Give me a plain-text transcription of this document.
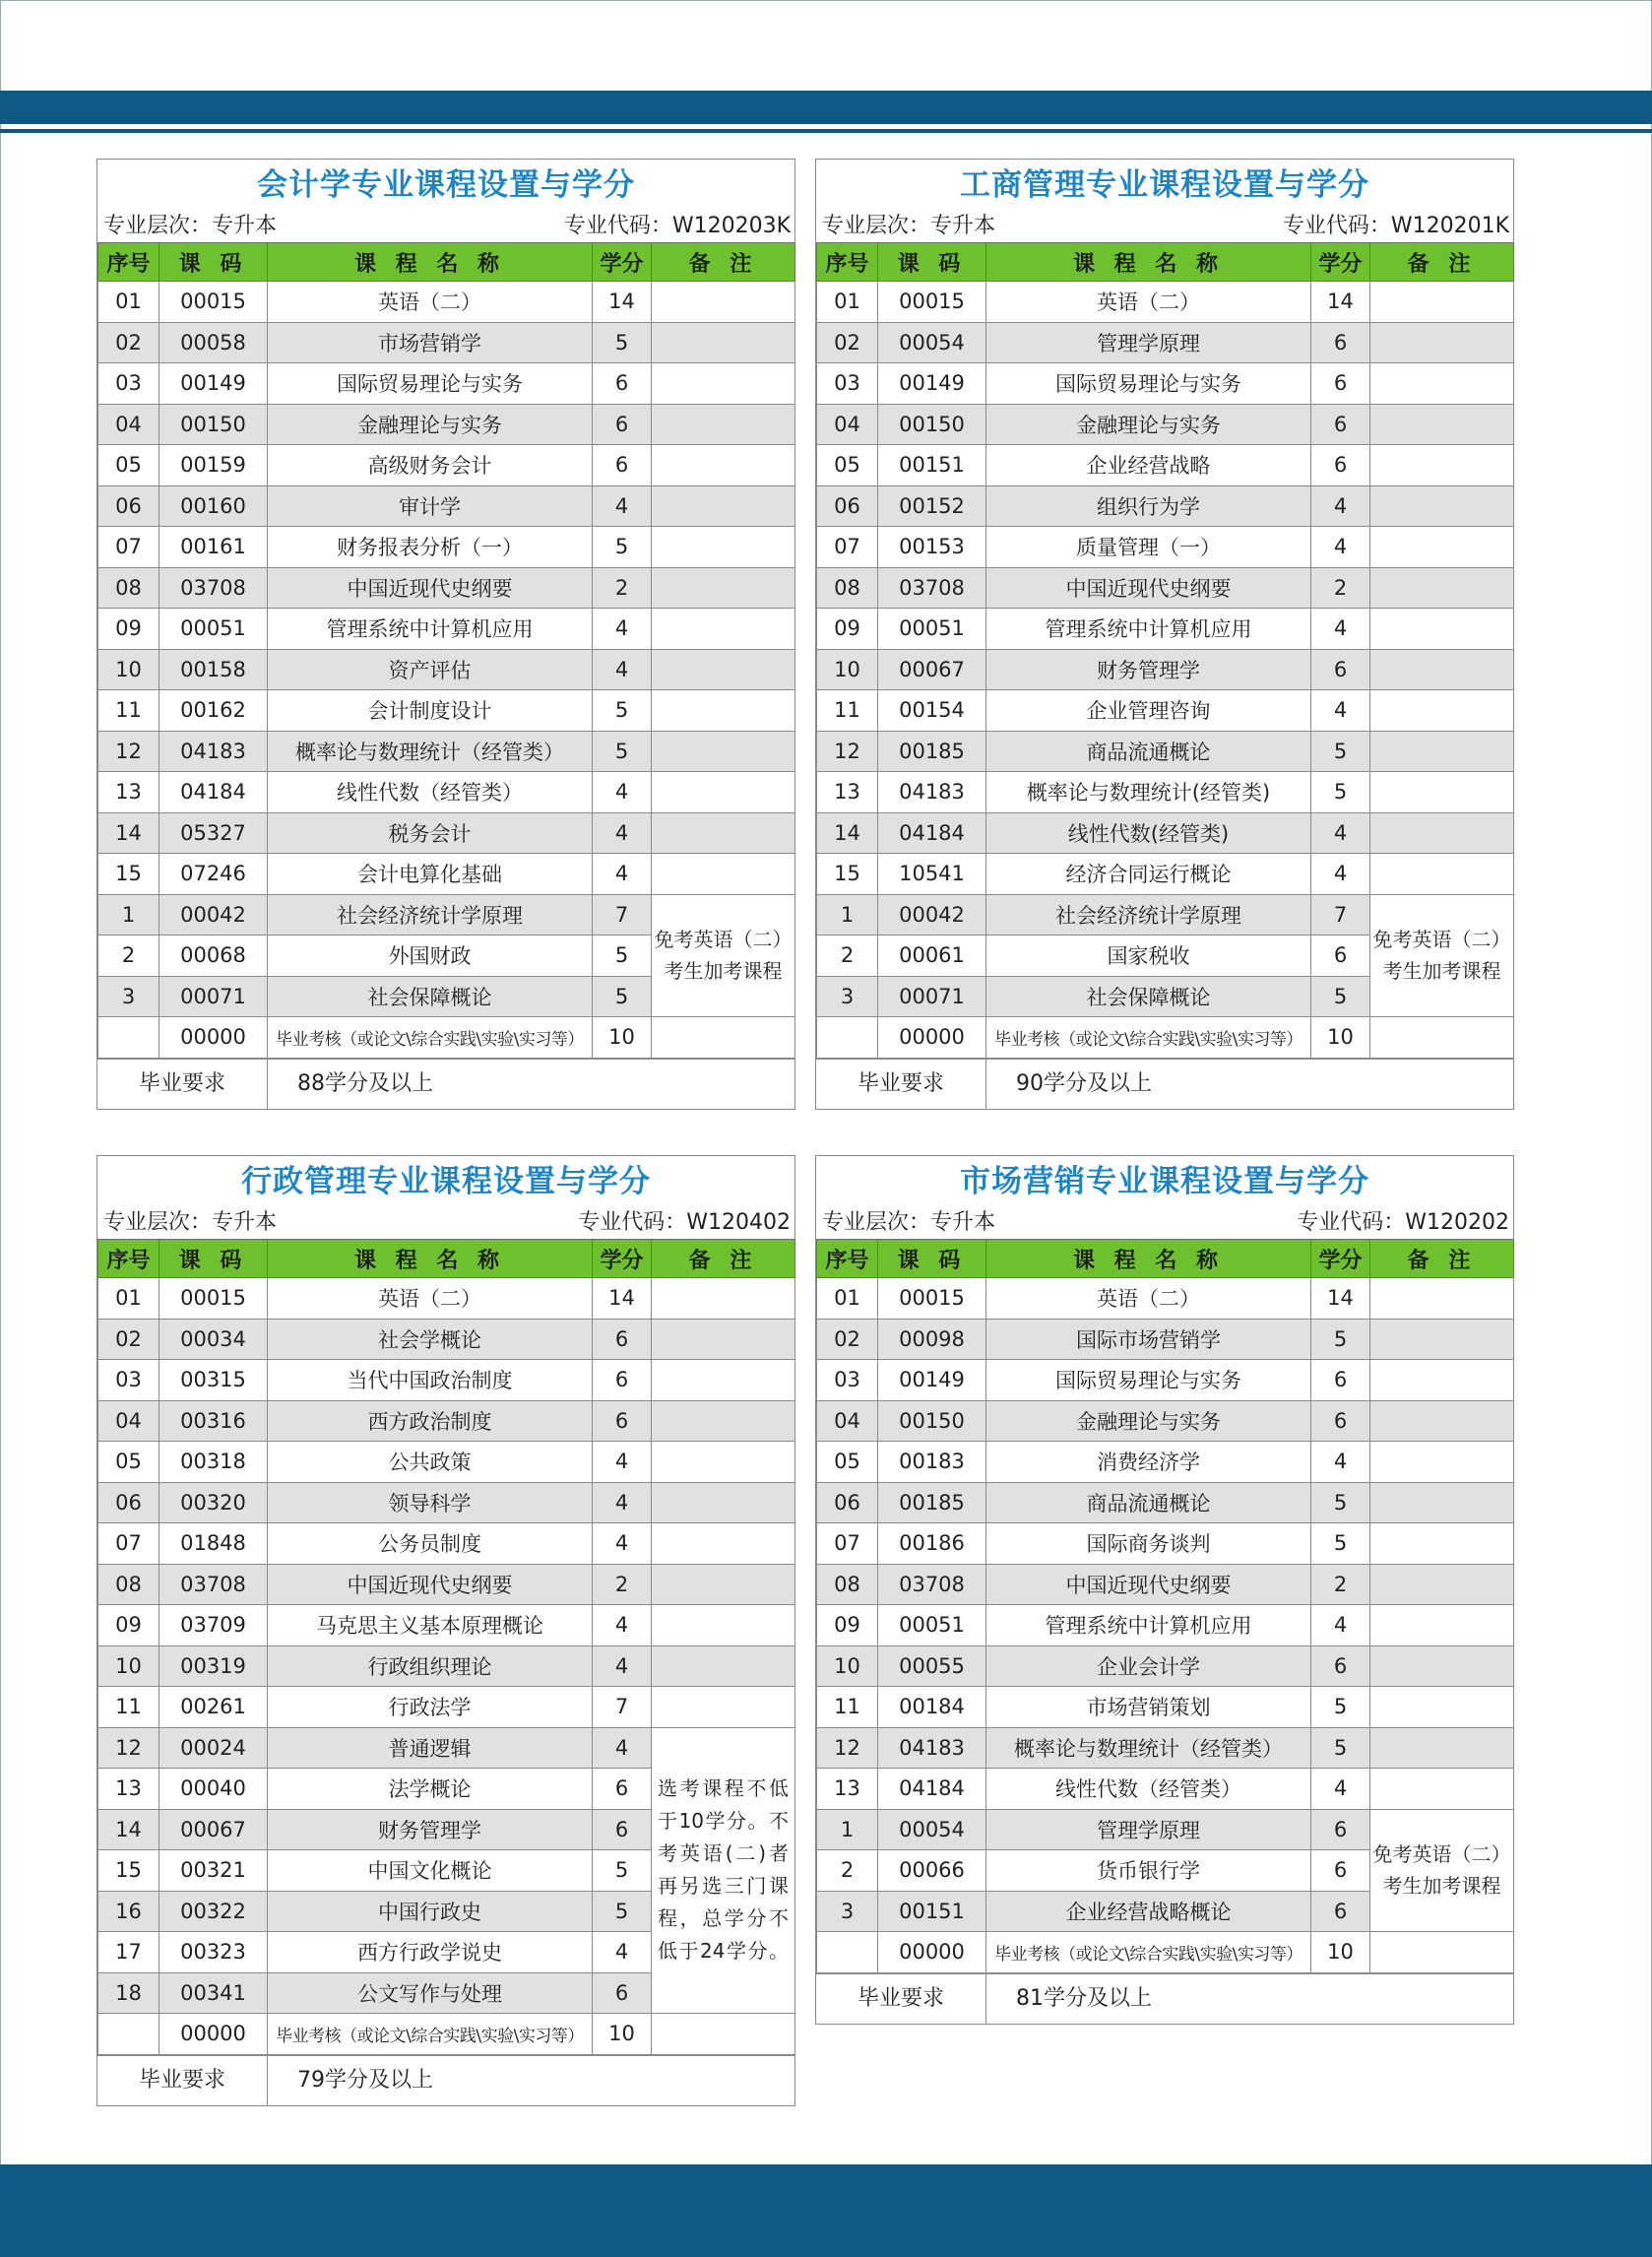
会计学专业课程设置与学分
专业层次：专升本	专业代码：W120203K
序号	课 码	课 程 名 称	学分	备 注
01	00015	英语（二）	14	
02	00058	市场营销学	5	
03	00149	国际贸易理论与实务	6	
04	00150	金融理论与实务	6	
05	00159	高级财务会计	6	
06	00160	审计学	4	
07	00161	财务报表分析（一）	5	
08	03708	中国近现代史纲要	2	
09	00051	管理系统中计算机应用	4	
10	00158	资产评估	4	
11	00162	会计制度设计	5	
12	04183	概率论与数理统计（经管类）	5	
13	04184	线性代数（经管类）	4	
14	05327	税务会计	4	
15	07246	会计电算化基础	4	
1	00042	社会经济统计学原理	7	免考英语（二）考生加考课程
2	00068	外国财政	5	
3	00071	社会保障概论	5	
	00000	毕业考核（或论文\综合实践\实验\实习等）	10	
毕业要求	88学分及以上
工商管理专业课程设置与学分
专业层次：专升本	专业代码：W120201K
序号	课 码	课 程 名 称	学分	备 注
01	00015	英语（二）	14	
02	00054	管理学原理	6	
03	00149	国际贸易理论与实务	6	
04	00150	金融理论与实务	6	
05	00151	企业经营战略	6	
06	00152	组织行为学	4	
07	00153	质量管理（一）	4	
08	03708	中国近现代史纲要	2	
09	00051	管理系统中计算机应用	4	
10	00067	财务管理学	6	
11	00154	企业管理咨询	4	
12	00185	商品流通概论	5	
13	04183	概率论与数理统计(经管类)	5	
14	04184	线性代数(经管类)	4	
15	10541	经济合同运行概论	4	
1	00042	社会经济统计学原理	7	免考英语（二）考生加考课程
2	00061	国家税收	6	
3	00071	社会保障概论	5	
	00000	毕业考核（或论文\综合实践\实验\实习等）	10	
毕业要求	90学分及以上
行政管理专业课程设置与学分
专业层次：专升本	专业代码：W120402
序号	课 码	课 程 名 称	学分	备 注
01	00015	英语（二）	14	
02	00034	社会学概论	6	
03	00315	当代中国政治制度	6	
04	00316	西方政治制度	6	
05	00318	公共政策	4	
06	00320	领导科学	4	
07	01848	公务员制度	4	
08	03708	中国近现代史纲要	2	
09	03709	马克思主义基本原理概论	4	
10	00319	行政组织理论	4	
11	00261	行政法学	7	
12	00024	普通逻辑	4	选考课程不低于10学分。不考英语(二)者再另选三门课程，总学分不低于24学分。
13	00040	法学概论	6	
14	00067	财务管理学	6	
15	00321	中国文化概论	5	
16	00322	中国行政史	5	
17	00323	西方行政学说史	4	
18	00341	公文写作与处理	6	
	00000	毕业考核（或论文\综合实践\实验\实习等）	10	
毕业要求	79学分及以上
市场营销专业课程设置与学分
专业层次：专升本	专业代码：W120202
序号	课 码	课 程 名 称	学分	备 注
01	00015	英语（二）	14	
02	00098	国际市场营销学	5	
03	00149	国际贸易理论与实务	6	
04	00150	金融理论与实务	6	
05	00183	消费经济学	4	
06	00185	商品流通概论	5	
07	00186	国际商务谈判	5	
08	03708	中国近现代史纲要	2	
09	00051	管理系统中计算机应用	4	
10	00055	企业会计学	6	
11	00184	市场营销策划	5	
12	04183	概率论与数理统计（经管类）	5	
13	04184	线性代数（经管类）	4	
1	00054	管理学原理	6	免考英语（二）考生加考课程
2	00066	货币银行学	6	
3	00151	企业经营战略概论	6	
	00000	毕业考核（或论文\综合实践\实验\实习等）	10	
毕业要求	81学分及以上
